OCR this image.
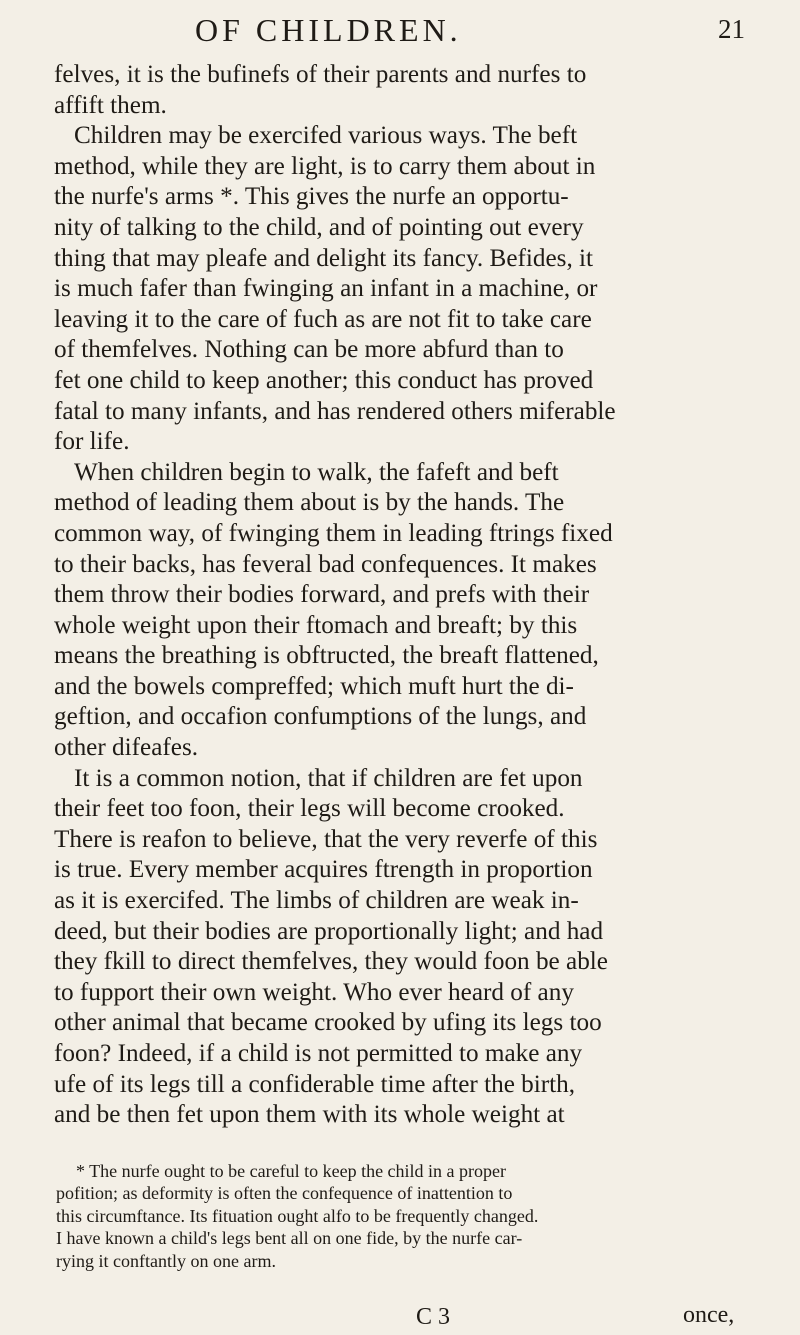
OF CHILDREN.	21
felves, it is the bufinefs of their parents and nurfes to
affift them.
Children may be exercifed various ways. The beft
method, while they are light, is to carry them about in
the nurfe's arms *. This gives the nurfe an opportu-
nity of talking to the child, and of pointing out every
thing that may pleafe and delight its fancy. Befides, it
is much fafer than fwinging an infant in a machine, or
leaving it to the care of fuch as are not fit to take care
of themfelves. Nothing can be more abfurd than to
fet one child to keep another; this conduct has proved
fatal to many infants, and has rendered others miferable
for life.
When children begin to walk, the fafeft and beft
method of leading them about is by the hands. The
common way, of fwinging them in leading ftrings fixed
to their backs, has feveral bad confequences. It makes
them throw their bodies forward, and prefs with their
whole weight upon their ftomach and breaft; by this
means the breathing is obftructed, the breaft flattened,
and the bowels compreffed; which muft hurt the di-
geftion, and occafion confumptions of the lungs, and
other difeafes.
It is a common notion, that if children are fet upon
their feet too foon, their legs will become crooked.
There is reafon to believe, that the very reverfe of this
is true. Every member acquires ftrength in proportion
as it is exercifed. The limbs of children are weak in-
deed, but their bodies are proportionally light; and had
they fkill to direct themfelves, they would foon be able
to fupport their own weight. Who ever heard of any
other animal that became crooked by ufing its legs too
foon? Indeed, if a child is not permitted to make any
ufe of its legs till a confiderable time after the birth,
and be then fet upon them with its whole weight at
* The nurfe ought to be careful to keep the child in a proper
pofition; as deformity is often the confequence of inattention to
this circumftance. Its fituation ought alfo to be frequently changed.
I have known a child's legs bent all on one fide, by the nurfe car-
rying it conftantly on one arm.
C 3	once,
